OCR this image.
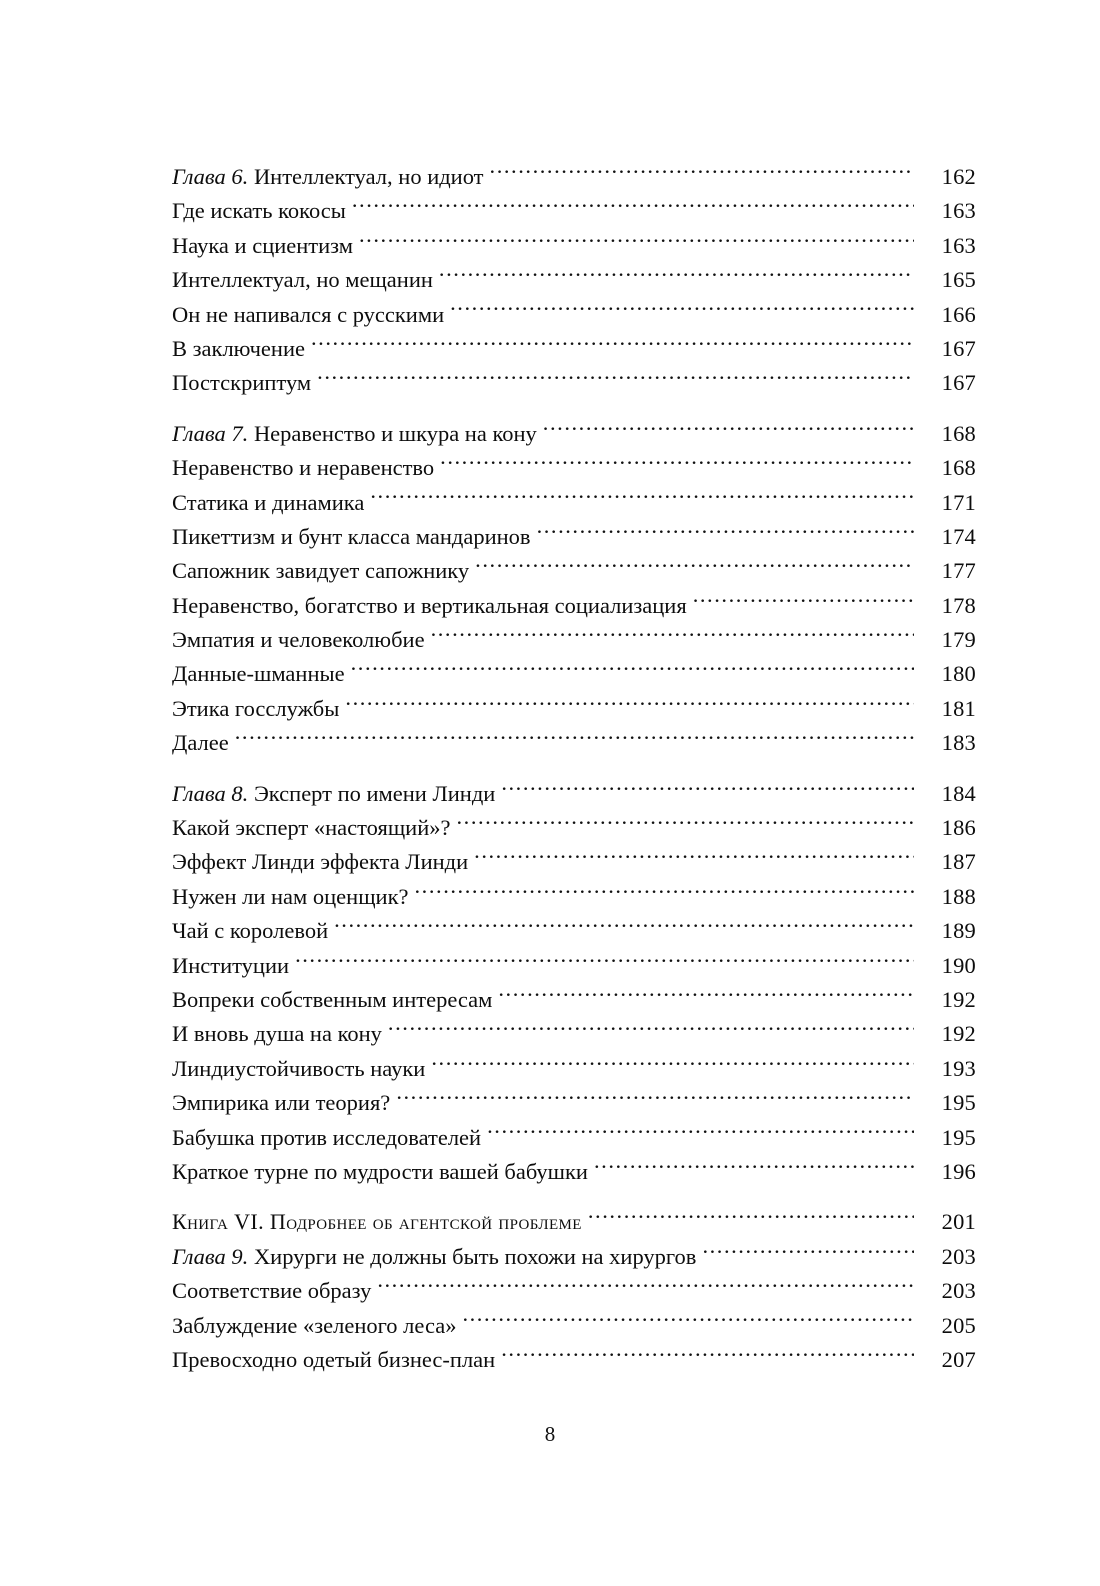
Глава 6. Интеллектуал, но идиот .....	162
Где искать кокосы .....	163
Наука и сциентизм .....	163
Интеллектуал, но мещанин .....	165
Он не напивался с русскими .....	166
В заключение .....	167
Постскриптум .....	167
Глава 7. Неравенство и шкура на кону .....	168
Неравенство и неравенство .....	168
Статика и динамика .....	171
Пикеттизм и бунт класса мандаринов .....	174
Сапожник завидует сапожнику .....	177
Неравенство, богатство и вертикальная социализация .....	178
Эмпатия и человеколюбие .....	179
Данные-шманные .....	180
Этика госслужбы .....	181
Далее .....	183
Глава 8. Эксперт по имени Линди .....	184
Какой эксперт «настоящий»? .....	186
Эффект Линди эффекта Линди .....	187
Нужен ли нам оценщик? .....	188
Чай с королевой .....	189
Институции .....	190
Вопреки собственным интересам .....	192
И вновь душа на кону .....	192
Линдиустойчивость науки .....	193
Эмпирика или теория? .....	195
Бабушка против исследователей .....	195
Краткое турне по мудрости вашей бабушки .....	196
Книга VI. Подробнее об агентской проблеме .....	201
Глава 9. Хирурги не должны быть похожи на хирургов .....	203
Соответствие образу .....	203
Заблуждение «зеленого леса» .....	205
Превосходно одетый бизнес-план .....	207
8
